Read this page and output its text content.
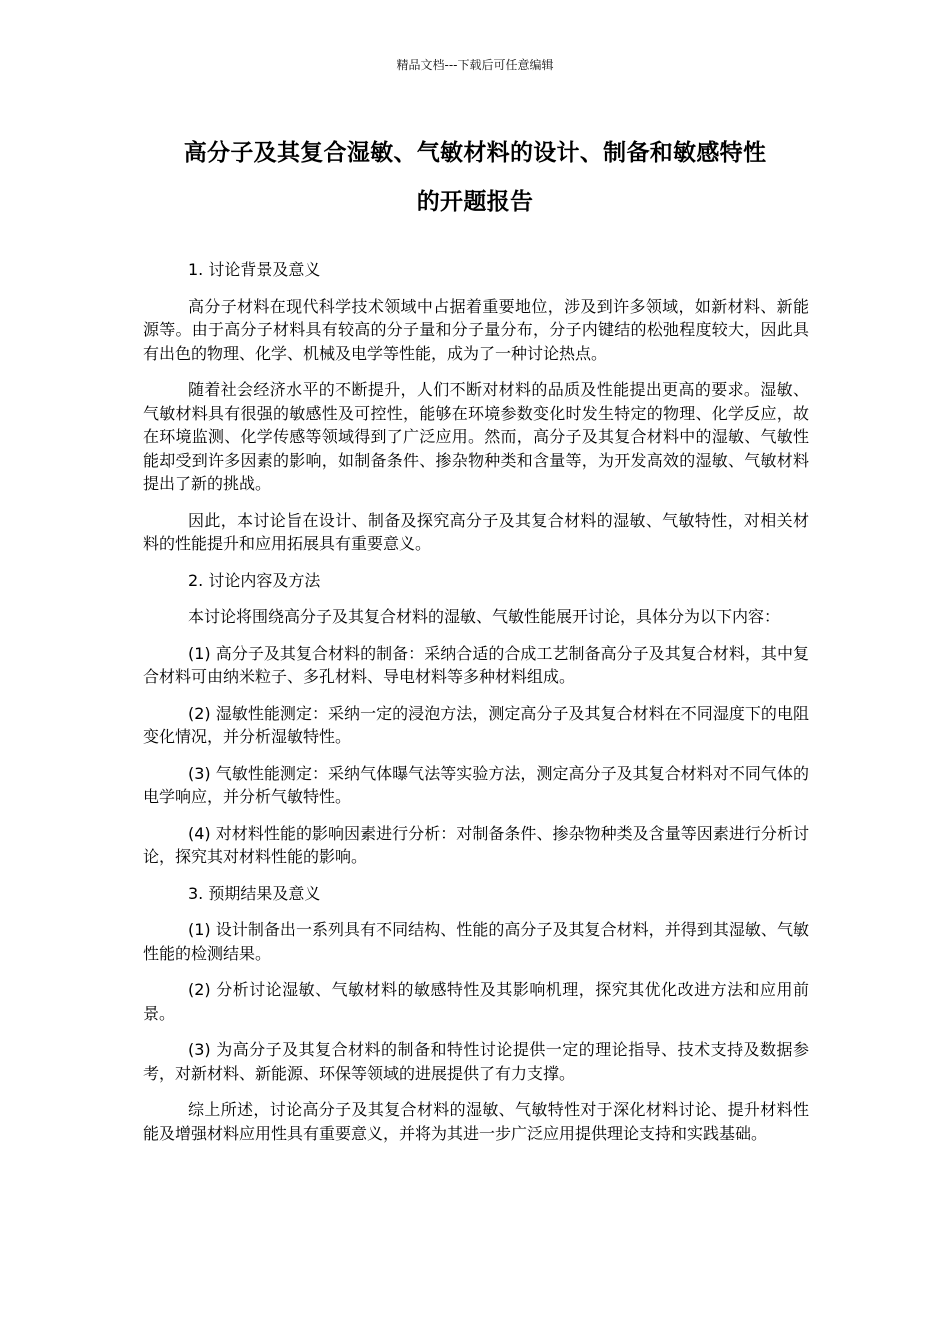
精品文档---下载后可任意编辑
高分子及其复合湿敏、气敏材料的设计、制备和敏感特性
的开题报告

1. 讨论背景及意义

高分子材料在现代科学技术领域中占据着重要地位，涉及到许多领域，如新材料、新能源等。由于高分子材料具有较高的分子量和分子量分布，分子内键结的松弛程度较大，因此具有出色的物理、化学、机械及电学等性能，成为了一种讨论热点。

随着社会经济水平的不断提升，人们不断对材料的品质及性能提出更高的要求。湿敏、气敏材料具有很强的敏感性及可控性，能够在环境参数变化时发生特定的物理、化学反应，故在环境监测、化学传感等领域得到了广泛应用。然而，高分子及其复合材料中的湿敏、气敏性能却受到许多因素的影响，如制备条件、掺杂物种类和含量等，为开发高效的湿敏、气敏材料提出了新的挑战。

因此，本讨论旨在设计、制备及探究高分子及其复合材料的湿敏、气敏特性，对相关材料的性能提升和应用拓展具有重要意义。

2. 讨论内容及方法

本讨论将围绕高分子及其复合材料的湿敏、气敏性能展开讨论，具体分为以下内容：

(1) 高分子及其复合材料的制备：采纳合适的合成工艺制备高分子及其复合材料，其中复合材料可由纳米粒子、多孔材料、导电材料等多种材料组成。

(2) 湿敏性能测定：采纳一定的浸泡方法，测定高分子及其复合材料在不同湿度下的电阻变化情况，并分析湿敏特性。

(3) 气敏性能测定：采纳气体曝气法等实验方法，测定高分子及其复合材料对不同气体的电学响应，并分析气敏特性。

(4) 对材料性能的影响因素进行分析：对制备条件、掺杂物种类及含量等因素进行分析讨论，探究其对材料性能的影响。

3. 预期结果及意义

(1) 设计制备出一系列具有不同结构、性能的高分子及其复合材料，并得到其湿敏、气敏性能的检测结果。

(2) 分析讨论湿敏、气敏材料的敏感特性及其影响机理，探究其优化改进方法和应用前景。

(3) 为高分子及其复合材料的制备和特性讨论提供一定的理论指导、技术支持及数据参考，对新材料、新能源、环保等领域的进展提供了有力支撑。

综上所述，讨论高分子及其复合材料的湿敏、气敏特性对于深化材料讨论、提升材料性能及增强材料应用性具有重要意义，并将为其进一步广泛应用提供理论支持和实践基础。
